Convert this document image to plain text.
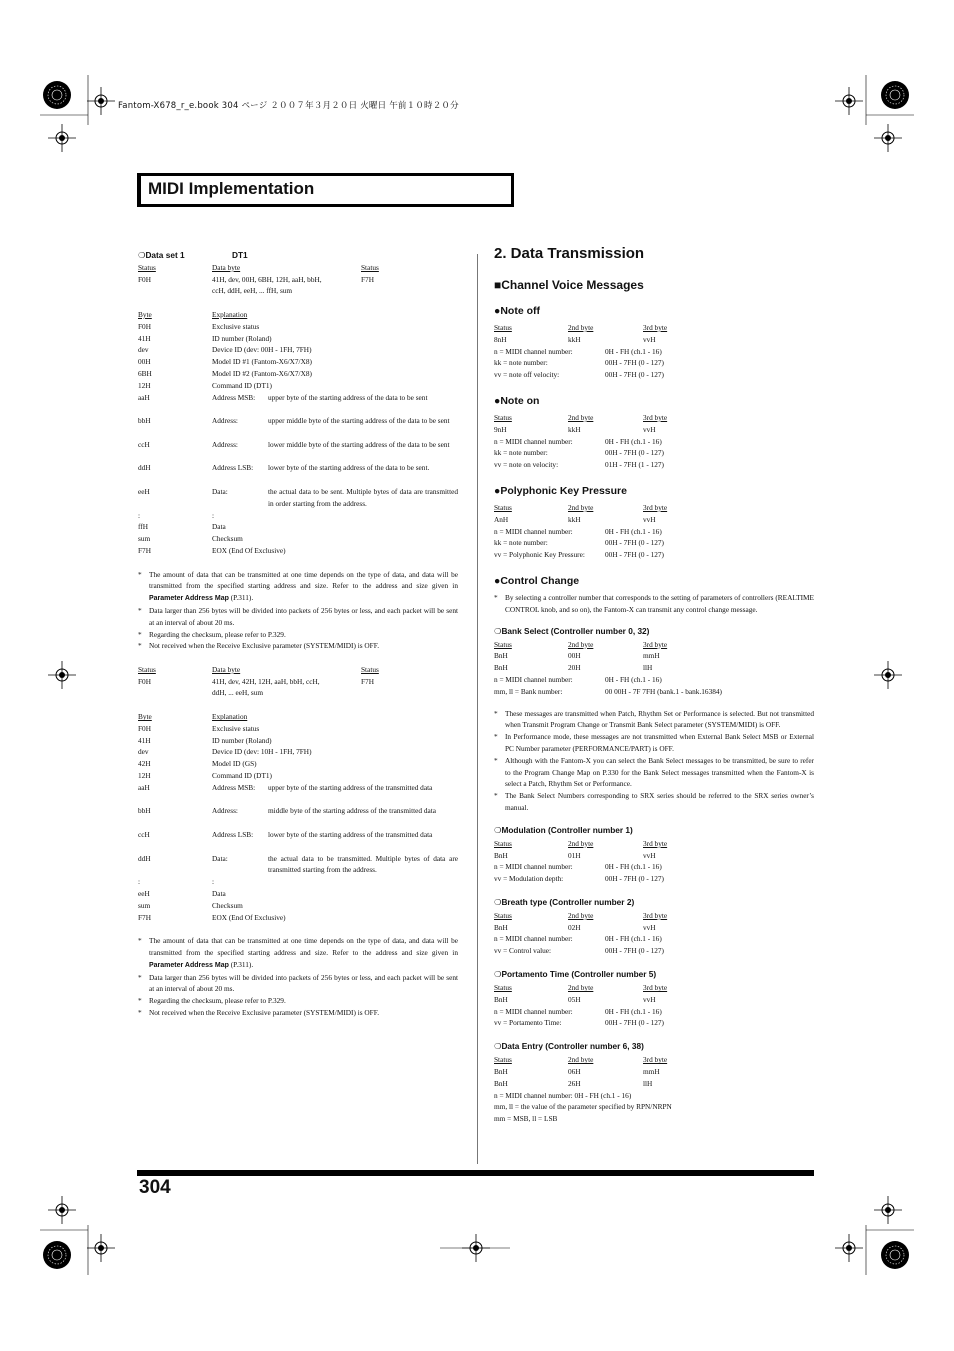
Fantom-X678_r_e.book 304 ページ ２００７年３月２０日 火曜日 午前１０時２０分
MIDI Implementation
❍Data set 1	DT1
Status	Data byte	Status
F0H	41H, dev, 00H, 6BH, 12H, aaH, bbH,	F7H
ccH, ddH, eeH, ... ffH, sum
Byte	Explanation
F0H	Exclusive status
41H	ID number (Roland)
dev	Device ID (dev: 00H - 1FH, 7FH)
00H	Model ID #1 (Fantom-X6/X7/X8)
6BH	Model ID #2 (Fantom-X6/X7/X8)
12H	Command ID (DT1)
aaH	Address MSB: upper byte of the starting address of the data to be sent
bbH	Address:	upper middle byte of the starting address of the data to be sent
ccH	Address:	lower middle byte of the starting address of the data to be sent
ddH	Address LSB: lower byte of the starting address of the data to be sent.
eeH	Data:	the actual data to be sent. Multiple bytes of data are transmitted in order starting from the address.
:	:
ffH	Data
sum	Checksum
F7H	EOX (End Of Exclusive)
* The amount of data that can be transmitted at one time depends on the type of data, and data will be transmitted from the specified starting address and size. Refer to the address and size given in Parameter Address Map (P.311).
* Data larger than 256 bytes will be divided into packets of 256 bytes or less, and each packet will be sent at an interval of about 20 ms.
* Regarding the checksum, please refer to P.329.
* Not received when the Receive Exclusive parameter (SYSTEM/MIDI) is OFF.
Status	Data byte	Status
F0H	41H, dev, 42H, 12H, aaH, bbH, ccH,	F7H
ddH, ... eeH, sum
Byte	Explanation
F0H	Exclusive status
41H	ID number (Roland)
dev	Device ID (dev: 10H - 1FH, 7FH)
42H	Model ID (GS)
12H	Command ID (DT1)
aaH	Address MSB: upper byte of the starting address of the transmitted data
bbH	Address:	middle byte of the starting address of the transmitted data
ccH	Address LSB: lower byte of the starting address of the transmitted data
ddH	Data:	the actual data to be transmitted. Multiple bytes of data are transmitted starting from the address.
:	:
eeH	Data
sum	Checksum
F7H	EOX (End Of Exclusive)
* The amount of data that can be transmitted at one time depends on the type of data, and data will be transmitted from the specified starting address and size. Refer to the address and size given in Parameter Address Map (P.311).
* Data larger than 256 bytes will be divided into packets of 256 bytes or less, and each packet will be sent at an interval of about 20 ms.
* Regarding the checksum, please refer to P.329.
* Not received when the Receive Exclusive parameter (SYSTEM/MIDI) is OFF.
2. Data Transmission
■Channel Voice Messages
●Note off
Status	2nd byte	3rd byte
8nH	kkH	vvH
n = MIDI channel number:	0H - FH (ch.1 - 16)
kk = note number:	00H - 7FH (0 - 127)
vv = note off velocity:	00H - 7FH (0 - 127)
●Note on
Status	2nd byte	3rd byte
9nH	kkH	vvH
n = MIDI channel number:	0H - FH (ch.1 - 16)
kk = note number:	00H - 7FH (0 - 127)
vv = note on velocity:	01H - 7FH (1 - 127)
●Polyphonic Key Pressure
Status	2nd byte	3rd byte
AnH	kkH	vvH
n = MIDI channel number:	0H - FH (ch.1 - 16)
kk = note number:	00H - 7FH (0 - 127)
vv = Polyphonic Key Pressure:	00H - 7FH (0 - 127)
●Control Change
* By selecting a controller number that corresponds to the setting of parameters of controllers (REALTIME CONTROL knob, and so on), the Fantom-X can transmit any control change message.
❍Bank Select (Controller number 0, 32)
Status	2nd byte	3rd byte
BnH	00H	mmH
BnH	20H	llH
n = MIDI channel number:	0H - FH (ch.1 - 16)
mm, ll = Bank number:	00 00H - 7F 7FH (bank.1 - bank.16384)
* These messages are transmitted when Patch, Rhythm Set or Performance is selected. But not transmitted when Transmit Program Change or Transmit Bank Select parameter (SYSTEM/MIDI) is OFF.
* In Performance mode, these messages are not transmitted when External Bank Select MSB or External PC Number parameter (PERFORMANCE/PART) is OFF.
* Although with the Fantom-X you can select the Bank Select messages to be transmitted, be sure to refer to the Program Change Map on P.330 for the Bank Select messages transmitted when the Fantom-X is select a Patch, Rhythm Set or Performance.
* The Bank Select Numbers corresponding to SRX series should be referred to the SRX series owner’s manual.
❍Modulation (Controller number 1)
Status	2nd byte	3rd byte
BnH	01H	vvH
n = MIDI channel number:	0H - FH (ch.1 - 16)
vv = Modulation depth:	00H - 7FH (0 - 127)
❍Breath type (Controller number 2)
Status	2nd byte	3rd byte
BnH	02H	vvH
n = MIDI channel number:	0H - FH (ch.1 - 16)
vv = Control value:	00H - 7FH (0 - 127)
❍Portamento Time (Controller number 5)
Status	2nd byte	3rd byte
BnH	05H	vvH
n = MIDI channel number:	0H - FH (ch.1 - 16)
vv = Portamento Time:	00H - 7FH (0 - 127)
❍Data Entry (Controller number 6, 38)
Status	2nd byte	3rd byte
BnH	06H	mmH
BnH	26H	llH
n = MIDI channel number: 0H - FH (ch.1 - 16)
mm, ll = the value of the parameter specified by RPN/NRPN
mm = MSB, ll = LSB
304
